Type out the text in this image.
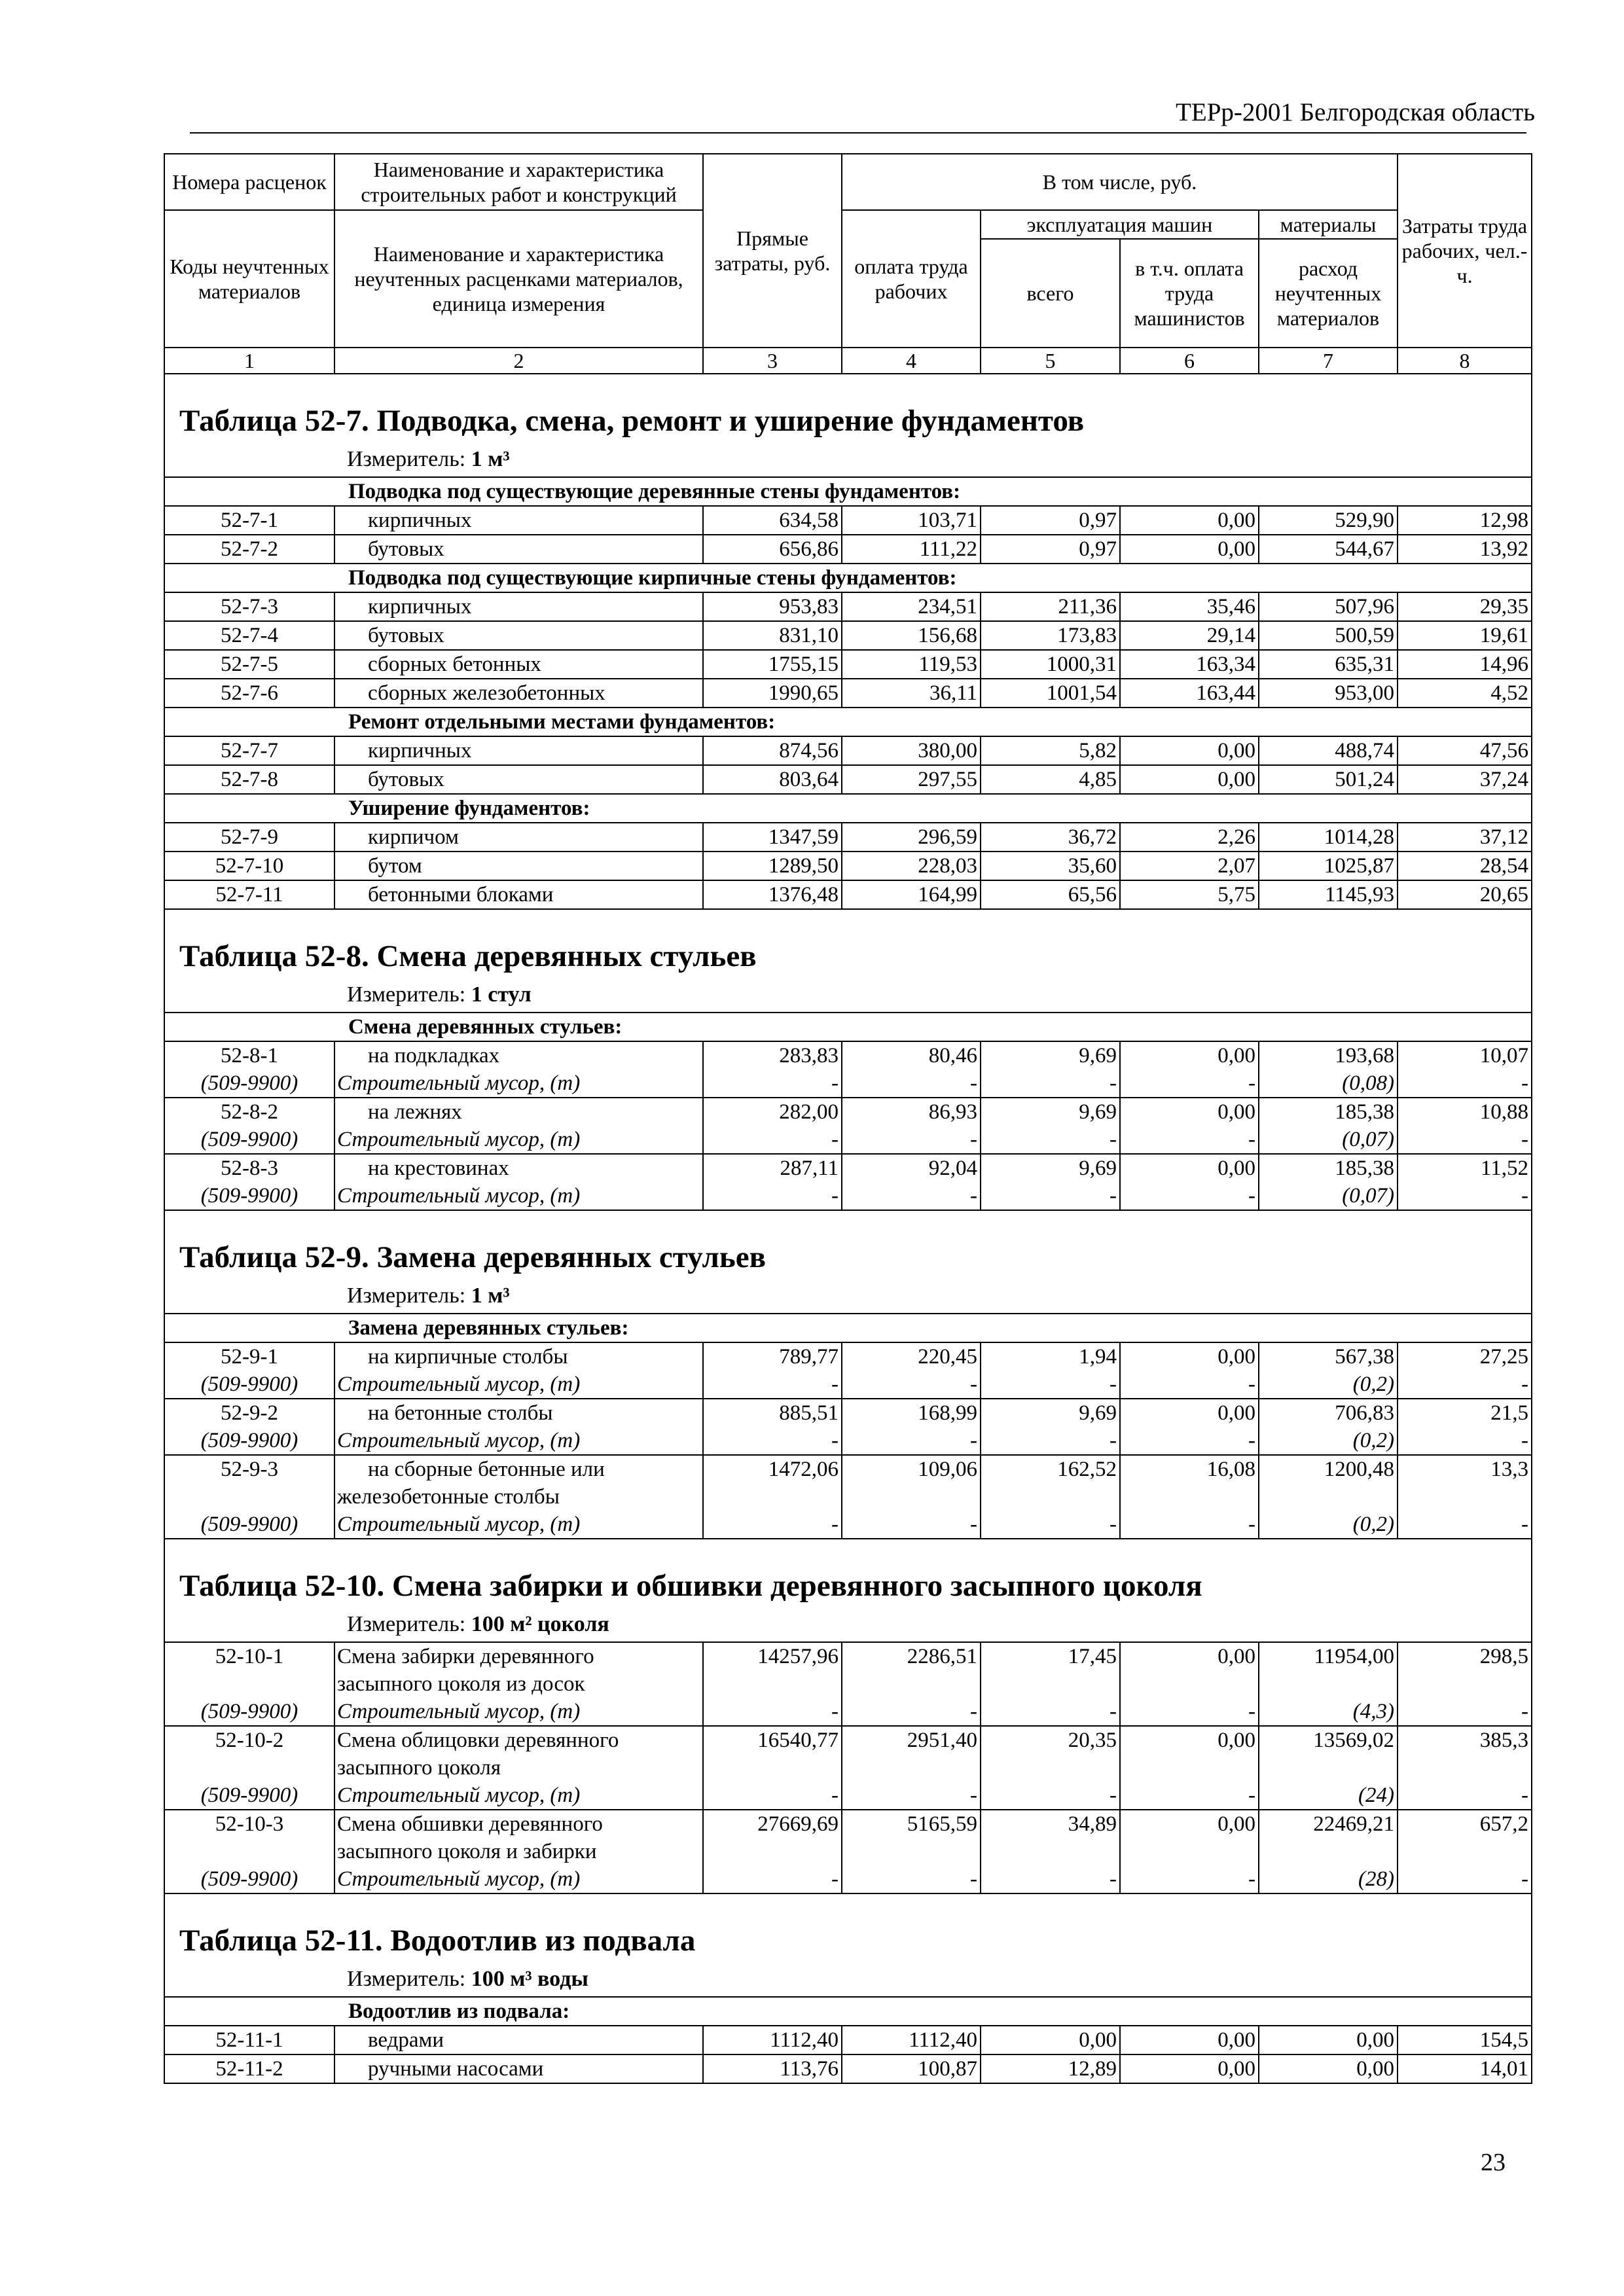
ТЕРр-2001 Белгородская область
Номера расценок	Наименование и характеристика строительных работ и конструкций	Прямые затраты, руб.	В том числе, руб.				Затраты труда рабочих, чел.-ч.
Коды неучтенных материалов	Наименование и характеристика неучтенных расценками материалов, единица измерения		оплата труда рабочих	эксплуатация машин		материалы	
				всего	в т.ч. оплата труда машинистов	расход неучтенных материалов	
1	2	3	4	5	6	7	8
Таблица 52-7. Подводка, смена, ремонт и уширение фундаментов							
Измеритель: 1 м³							
Подводка под существующие деревянные стены фундаментов:							
52-7-1	кирпичных	634,58	103,71	0,97	0,00	529,90	12,98
52-7-2	бутовых	656,86	111,22	0,97	0,00	544,67	13,92
Подводка под существующие кирпичные стены фундаментов:							
52-7-3	кирпичных	953,83	234,51	211,36	35,46	507,96	29,35
52-7-4	бутовых	831,10	156,68	173,83	29,14	500,59	19,61
52-7-5	сборных бетонных	1755,15	119,53	1000,31	163,34	635,31	14,96
52-7-6	сборных железобетонных	1990,65	36,11	1001,54	163,44	953,00	4,52
Ремонт отдельными местами фундаментов:							
52-7-7	кирпичных	874,56	380,00	5,82	0,00	488,74	47,56
52-7-8	бутовых	803,64	297,55	4,85	0,00	501,24	37,24
Уширение фундаментов:							
52-7-9	кирпичом	1347,59	296,59	36,72	2,26	1014,28	37,12
52-7-10	бутом	1289,50	228,03	35,60	2,07	1025,87	28,54
52-7-11	бетонными блоками	1376,48	164,99	65,56	5,75	1145,93	20,65
Таблица 52-8. Смена деревянных стульев							
Измеритель: 1 стул							
Смена деревянных стульев:							
52-8-1	на подкладках	283,83	80,46	9,69	0,00	193,68	10,07
(509-9900)	Строительный мусор, (т)	-	-	-	-	(0,08)	-
52-8-2	на лежнях	282,00	86,93	9,69	0,00	185,38	10,88
(509-9900)	Строительный мусор, (т)	-	-	-	-	(0,07)	-
52-8-3	на крестовинах	287,11	92,04	9,69	0,00	185,38	11,52
(509-9900)	Строительный мусор, (т)	-	-	-	-	(0,07)	-
Таблица 52-9. Замена деревянных стульев							
Измеритель: 1 м³							
Замена деревянных стульев:							
52-9-1	на кирпичные столбы	789,77	220,45	1,94	0,00	567,38	27,25
(509-9900)	Строительный мусор, (т)	-	-	-	-	(0,2)	-
52-9-2	на бетонные столбы	885,51	168,99	9,69	0,00	706,83	21,5
(509-9900)	Строительный мусор, (т)	-	-	-	-	(0,2)	-
52-9-3	на сборные бетонные или	1472,06	109,06	162,52	16,08	1200,48	13,3
	железобетонные столбы						
(509-9900)	Строительный мусор, (т)	-	-	-	-	(0,2)	-
Таблица 52-10. Смена забирки и обшивки деревянного засыпного цоколя							
Измеритель: 100 м² цоколя							
52-10-1	Смена забирки деревянного	14257,96	2286,51	17,45	0,00	11954,00	298,5
	засыпного цоколя из досок						
(509-9900)	Строительный мусор, (т)	-	-	-	-	(4,3)	-
52-10-2	Смена облицовки деревянного	16540,77	2951,40	20,35	0,00	13569,02	385,3
	засыпного цоколя						
(509-9900)	Строительный мусор, (т)	-	-	-	-	(24)	-
52-10-3	Смена обшивки деревянного	27669,69	5165,59	34,89	0,00	22469,21	657,2
	засыпного цоколя и забирки						
(509-9900)	Строительный мусор, (т)	-	-	-	-	(28)	-
Таблица 52-11. Водоотлив из подвала							
Измеритель: 100 м³ воды							
Водоотлив из подвала:							
52-11-1	ведрами	1112,40	1112,40	0,00	0,00	0,00	154,5
52-11-2	ручными насосами	113,76	100,87	12,89	0,00	0,00	14,01
23
